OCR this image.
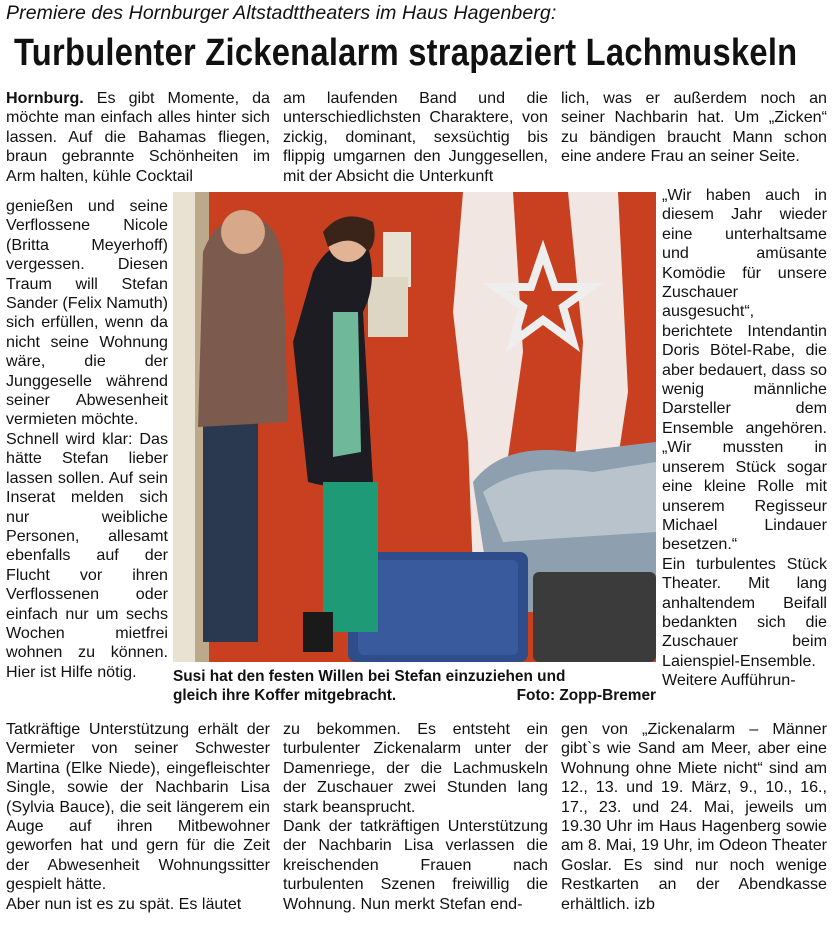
Premiere des Hornburger Altstadttheaters im Haus Hagenberg:
Turbulenter Zickenalarm strapaziert Lachmuskeln

Hornburg. Es gibt Momente, da möchte man einfach alles hinter sich lassen. Auf die Bahamas fliegen, braun gebrannte Schönheiten im Arm halten, kühle Cocktail

genießen und seine Verflossene Nicole (Britta Meyerhoff) vergessen. Diesen Traum will Stefan Sander (Felix Namuth) sich erfüllen, wenn da nicht seine Wohnung wäre, die der Junggeselle während seiner Abwesenheit vermieten möchte.

Schnell wird klar: Das hätte Stefan lieber lassen sollen. Auf sein Inserat melden sich nur weibliche Personen, allesamt ebenfalls auf der Flucht vor ihren Verflossenen oder einfach nur um sechs Wochen mietfrei wohnen zu können. Hier ist Hilfe nötig.

am laufenden Band und die unterschiedlichsten Charaktere, von zickig, dominant, sexsüchtig bis flippig umgarnen den Junggesellen, mit der Absicht die Unterkunft

lich, was er außerdem noch an seiner Nachbarin hat. Um „Zicken“ zu bändigen braucht Mann schon eine andere Frau an seiner Seite.

„Wir haben auch in diesem Jahr wieder eine unterhaltsame und amüsante Komödie für unsere Zuschauer ausgesucht“, berichtete Intendantin Doris Bötel-Rabe, die aber bedauert, dass so wenig männliche Darsteller dem Ensemble angehören. „Wir mussten in unserem Stück sogar eine kleine Rolle mit unserem Regisseur Michael Lindauer besetzen.“

Ein turbulentes Stück Theater. Mit lang anhaltendem Beifall bedankten sich die Zuschauer beim Laienspiel-Ensemble.

Weitere Aufführun-

Susi hat den festen Willen bei Stefan einzuziehen und
gleich ihre Koffer mitgebracht.	Foto: Zopp-Bremer

Tatkräftige Unterstützung erhält der Vermieter von seiner Schwester Martina (Elke Niede), eingefleischter Single, sowie der Nachbarin Lisa (Sylvia Bauce), die seit längerem ein Auge auf ihren Mitbewohner geworfen hat und gern für die Zeit der Abwesenheit Wohnungssitter gespielt hätte.

Aber nun ist es zu spät. Es läutet

zu bekommen. Es entsteht ein turbulenter Zickenalarm unter der Damenriege, der die Lachmuskeln der Zuschauer zwei Stunden lang stark beansprucht.

Dank der tatkräftigen Unterstützung der Nachbarin Lisa verlassen die kreischenden Frauen nach turbulenten Szenen freiwillig die Wohnung. Nun merkt Stefan end-

gen von „Zickenalarm – Männer gibt`s wie Sand am Meer, aber eine Wohnung ohne Miete nicht“ sind am 12., 13. und 19. März, 9., 10., 16., 17., 23. und 24. Mai, jeweils um 19.30 Uhr im Haus Hagenberg sowie am 8. Mai, 19 Uhr, im Odeon Theater Goslar. Es sind nur noch wenige Restkarten an der Abendkasse erhältlich. izb
